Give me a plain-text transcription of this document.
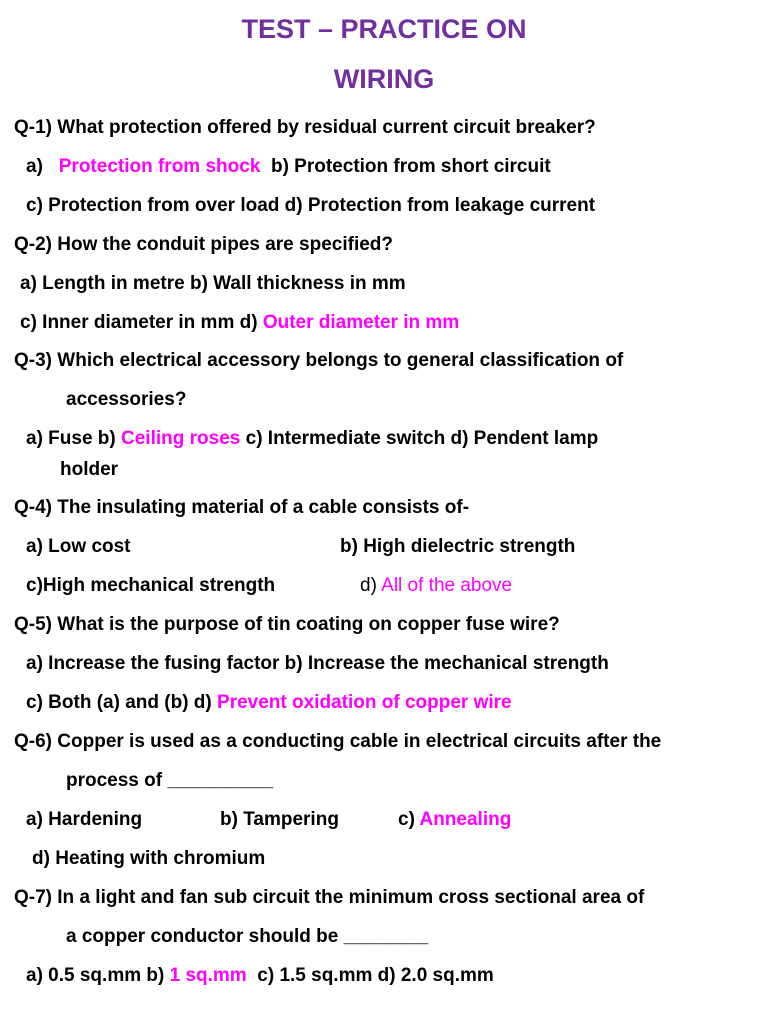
TEST – PRACTICE ON
WIRING
Q-1) What protection offered by residual current circuit breaker?
a) Protection from shock b) Protection from short circuit
c) Protection from over load d) Protection from leakage current
Q-2) How the conduit pipes are specified?
a) Length in metre b) Wall thickness in mm
c) Inner diameter in mm d) Outer diameter in mm
Q-3) Which electrical accessory belongs to general classification of
accessories?
a) Fuse b) Ceiling roses c) Intermediate switch d) Pendent lamp
holder
Q-4) The insulating material of a cable consists of-
a) Low cost	b) High dielectric strength
c)High mechanical strength	d) All of the above
Q-5) What is the purpose of tin coating on copper fuse wire?
a) Increase the fusing factor b) Increase the mechanical strength
c) Both (a) and (b) d) Prevent oxidation of copper wire
Q-6) Copper is used as a conducting cable in electrical circuits after the
process of __________
a) Hardening	b) Tampering	c) Annealing
d) Heating with chromium
Q-7) In a light and fan sub circuit the minimum cross sectional area of
a copper conductor should be ________
a) 0.5 sq.mm b) 1 sq.mm c) 1.5 sq.mm d) 2.0 sq.mm
